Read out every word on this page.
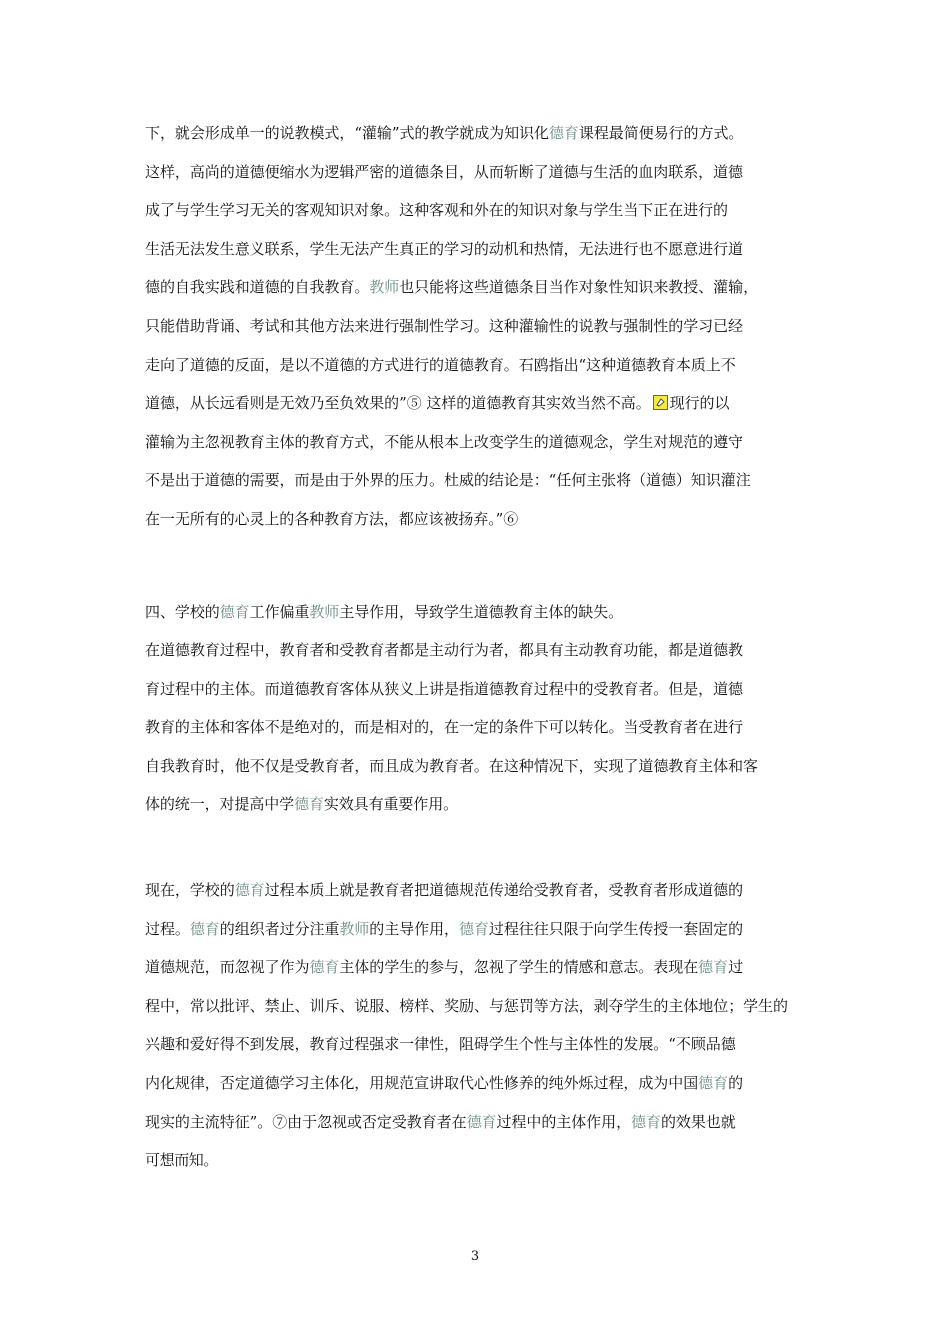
下，就会形成单一的说教模式，“灌输”式的教学就成为知识化德育课程最简便易行的方式。
这样，高尚的道德便缩水为逻辑严密的道德条目，从而斩断了道德与生活的血肉联系，道德
成了与学生学习无关的客观知识对象。这种客观和外在的知识对象与学生当下正在进行的
生活无法发生意义联系，学生无法产生真正的学习的动机和热情，无法进行也不愿意进行道
德的自我实践和道德的自我教育。教师也只能将这些道德条目当作对象性知识来教授、灌输，
只能借助背诵、考试和其他方法来进行强制性学习。这种灌输性的说教与强制性的学习已经
走向了道德的反面，是以不道德的方式进行的道德教育。石鸥指出“这种道德教育本质上不
道德，从长远看则是无效乃至负效果的”⑤ 这样的道德教育其实效当然不高。 现行的以
灌输为主忽视教育主体的教育方式，不能从根本上改变学生的道德观念，学生对规范的遵守
不是出于道德的需要，而是由于外界的压力。杜威的结论是：“任何主张将（道德）知识灌注
在一无所有的心灵上的各种教育方法，都应该被扬弃。”⑥
四、学校的德育工作偏重教师主导作用，导致学生道德教育主体的缺失。
在道德教育过程中，教育者和受教育者都是主动行为者，都具有主动教育功能，都是道德教
育过程中的主体。而道德教育客体从狭义上讲是指道德教育过程中的受教育者。但是，道德
教育的主体和客体不是绝对的，而是相对的，在一定的条件下可以转化。当受教育者在进行
自我教育时，他不仅是受教育者，而且成为教育者。在这种情况下，实现了道德教育主体和客
体的统一，对提高中学德育实效具有重要作用。
现在，学校的德育过程本质上就是教育者把道德规范传递给受教育者，受教育者形成道德的
过程。德育的组织者过分注重教师的主导作用，德育过程往往只限于向学生传授一套固定的
道德规范，而忽视了作为德育主体的学生的参与，忽视了学生的情感和意志。表现在德育过
程中，常以批评、禁止、训斥、说服、榜样、奖励、与惩罚等方法，剥夺学生的主体地位；学生的
兴趣和爱好得不到发展，教育过程强求一律性，阻碍学生个性与主体性的发展。“不顾品德
内化规律，否定道德学习主体化，用规范宣讲取代心性修养的纯外烁过程，成为中国德育的
现实的主流特征”。⑦由于忽视或否定受教育者在德育过程中的主体作用，德育的效果也就
可想而知。
3
